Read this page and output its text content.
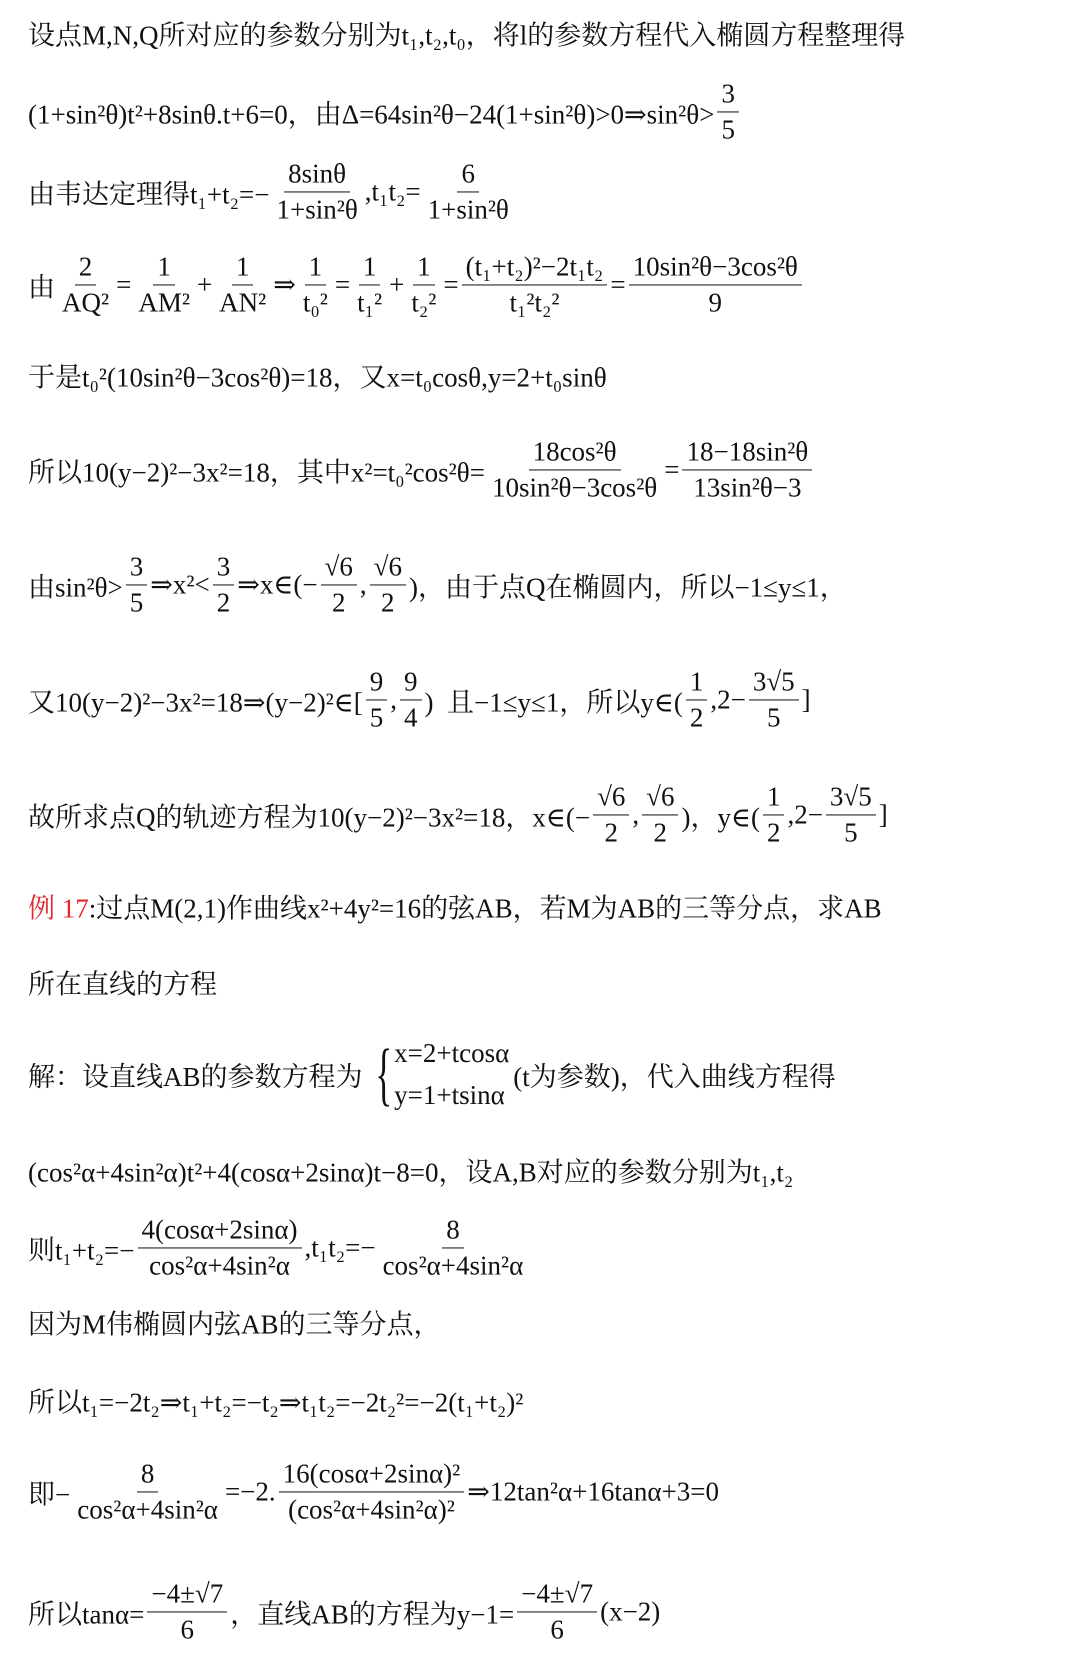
设点M,N,Q所对应的参数分别为t₁,t₂,t₀，将l的参数方程代入椭圆方程整理得
(1+sin²θ)t²+8sinθ.t+6=0，由Δ=64sin²θ−24(1+sin²θ)>0⇒sin²θ> $\frac{3}{5}$
由韦达定理得$t_1+t_2=- \frac{8\sin\theta}{\text{1+sin²θ}} ,t_1t_2= \frac{6}{\text{1+sin²θ}}$
由 $\frac{2}{\text{AQ²}} = \frac{1}{\text{AM²}} + \frac{1}{\text{AN²}}$ ⇒ $\frac{1}{\text{t₀²}} = \frac{1}{\text{t₁²}} + \frac{1}{\text{t₂²}} = \frac{\text{(t₁+t₂)²−2t₁t₂}}{\text{t₁²t₂²}} = \frac{\text{10sin²θ−3cos²θ}}{9}$
于是t₀²(10sin²θ−3cos²θ)=18，又x=t₀cosθ,y=2+t₀sinθ
所以10(y−2)²−3x²=18，其中$x^2=t_0^2\cos^2\theta= \frac{\text{18cos²θ}}{\text{10sin²θ−3cos²θ}} = \frac{\text{18−18sin²θ}}{\text{13sin²θ−3}}$
由$\sin^2\theta> \frac{3}{5}$ ⇒x²< $\frac{3}{2}$ ⇒x∈(− $\frac{√6}{2}$ , $\frac{√6}{2}$ )，由于点Q在椭圆内，所以−1≤y≤1，
又10(y−2)²−3x²=18⇒(y−2)²∈[ $\frac{9}{5}$ , $\frac{9}{4}$ )  且−1≤y≤1，所以y∈( $\frac{1}{2} ,2- \frac{3√5}{5}$ ]
故所求点Q的轨迹方程为10(y−2)²−3x²=18，x∈(− $\frac{√6}{2}$ , $\frac{√6}{2}$ )，y∈( $\frac{1}{2} ,2- \frac{3√5}{5}$ ]
例 17 :过点M(2,1)作曲线x²+4y²=16的弦AB，若M为AB的三等分点，求AB
所在直线的方程
解：设直线AB的参数方程为 { x=2+tcosα
y=1+tsinα
(t为参数)，代入曲线方程得
(cos²α+4sin²α)t²+4(cosα+2sinα)t−8=0，设A,B对应的参数分别为t₁,t₂
则$t_1+t_2=- \frac{4(\cos\alpha+2\sin\alpha)}{\text{cos²α+4sin²α}} ,t_1t_2=- \frac{8}{\text{cos²α+4sin²α}}$
因为M伟椭圆内弦AB的三等分点，
所以t₁=−2t₂⇒t₁+t₂=−t₂⇒t₁t₂=−2t₂²=−2(t₁+t₂)²
即− $\frac{8}{\text{cos²α+4sin²α}} =-2$. $\frac{\text{16(cosα+2sinα)²}}{\text{(cos²α+4sin²α)²}}$ ⇒12tan²α+16tanα+3=0
所以$\tan\alpha= \frac{-4\pm√7}{6}$ ，直线AB的方程为$y-1= \frac{-4\pm√7}{6} (x-2)$
